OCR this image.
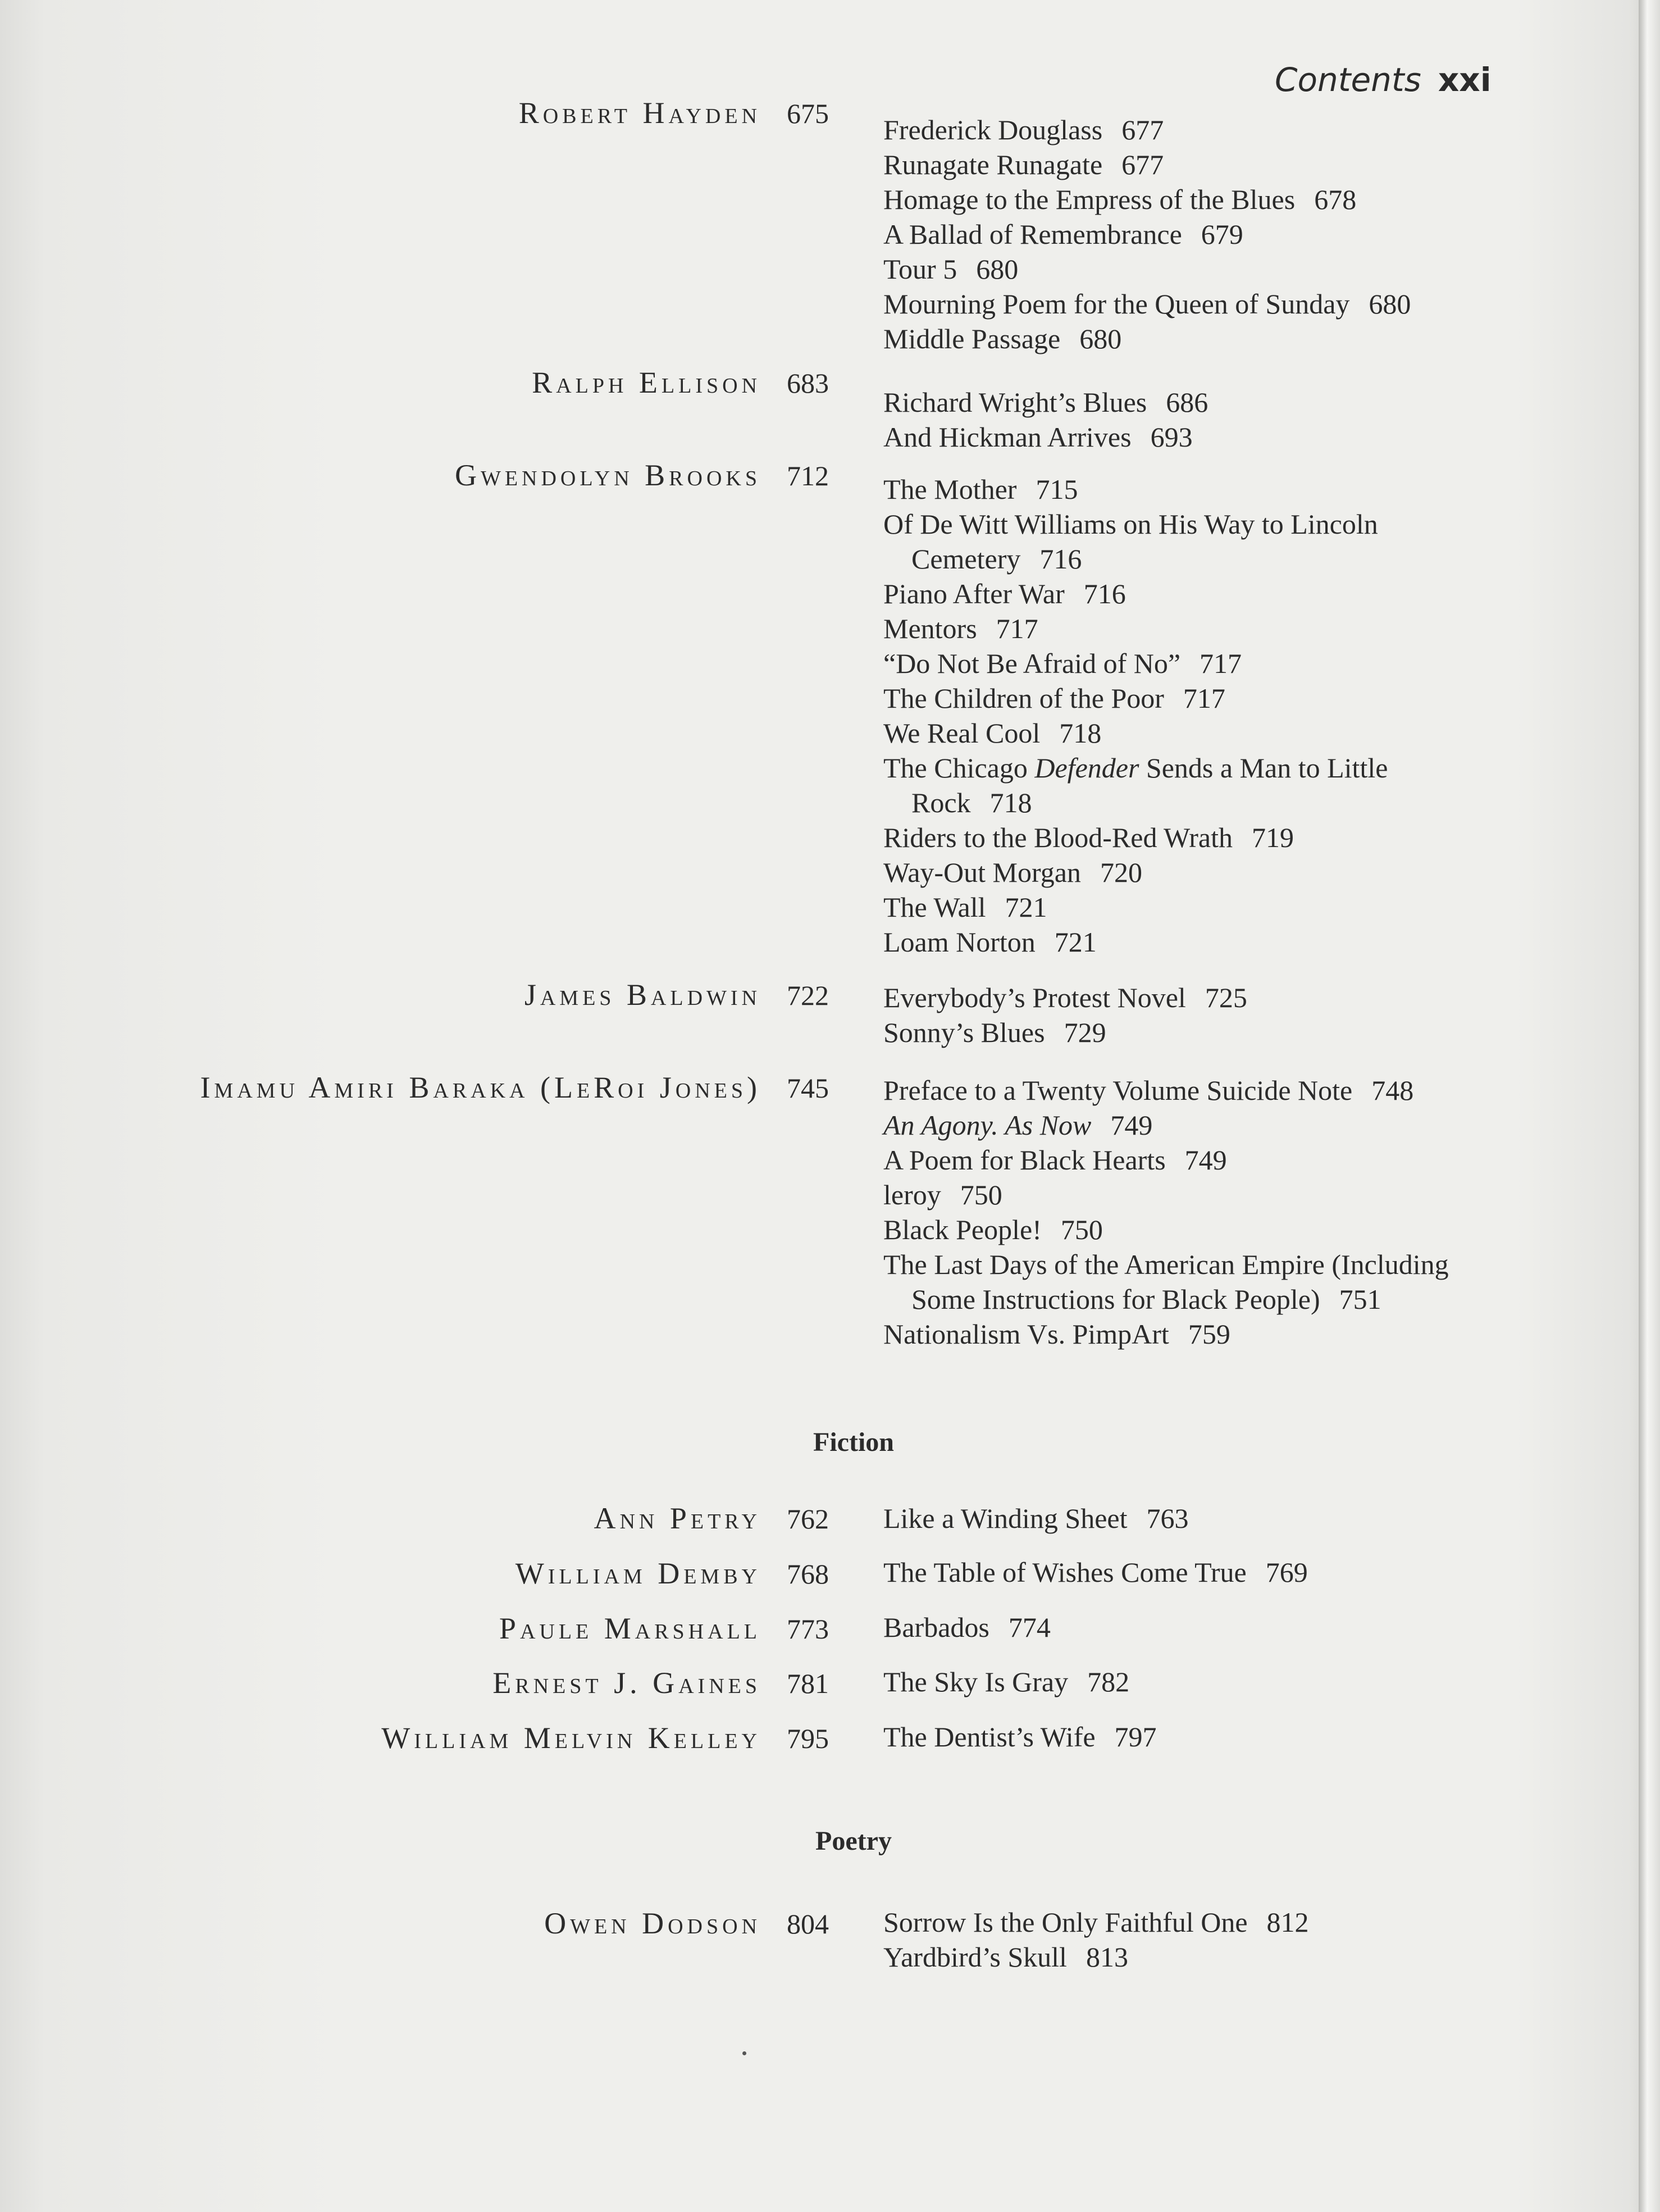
Contents xxi
Robert Hayden 675
Frederick Douglass 677
Runagate Runagate 677
Homage to the Empress of the Blues 678
A Ballad of Remembrance 679
Tour 5 680
Mourning Poem for the Queen of Sunday 680
Middle Passage 680
Ralph Ellison 683
Richard Wright’s Blues 686
And Hickman Arrives 693
Gwendolyn Brooks 712 The Mother 715
Of De Witt Williams on His Way to Lincoln Cemetery 716
Piano After War 716
Mentors 717
“Do Not Be Afraid of No” 717
The Children of the Poor 717
We Real Cool 718
The Chicago Defender Sends a Man to Little Rock 718
Riders to the Blood-Red Wrath 719
Way-Out Morgan 720
The Wall 721
Loam Norton 721
James Baldwin 722 Everybody’s Protest Novel 725
Sonny’s Blues 729
Imamu Amiri Baraka (LeRoi Jones) 745 Preface to a Twenty Volume Suicide Note 748
An Agony. As Now 749
A Poem for Black Hearts 749
leroy 750
Black People! 750
The Last Days of the American Empire (Including Some Instructions for Black People) 751
Nationalism Vs. PimpArt 759
Ann Petry 762 Like a Winding Sheet 763
William Demby 768 The Table of Wishes Come True 769
Paule Marshall 773 Barbados 774
Ernest J. Gaines 781 The Sky Is Gray 782
William Melvin Kelley 795 The Dentist’s Wife 797
Owen Dodson 804 Sorrow Is the Only Faithful One 812
Yardbird’s Skull 813
Fiction
Poetry
